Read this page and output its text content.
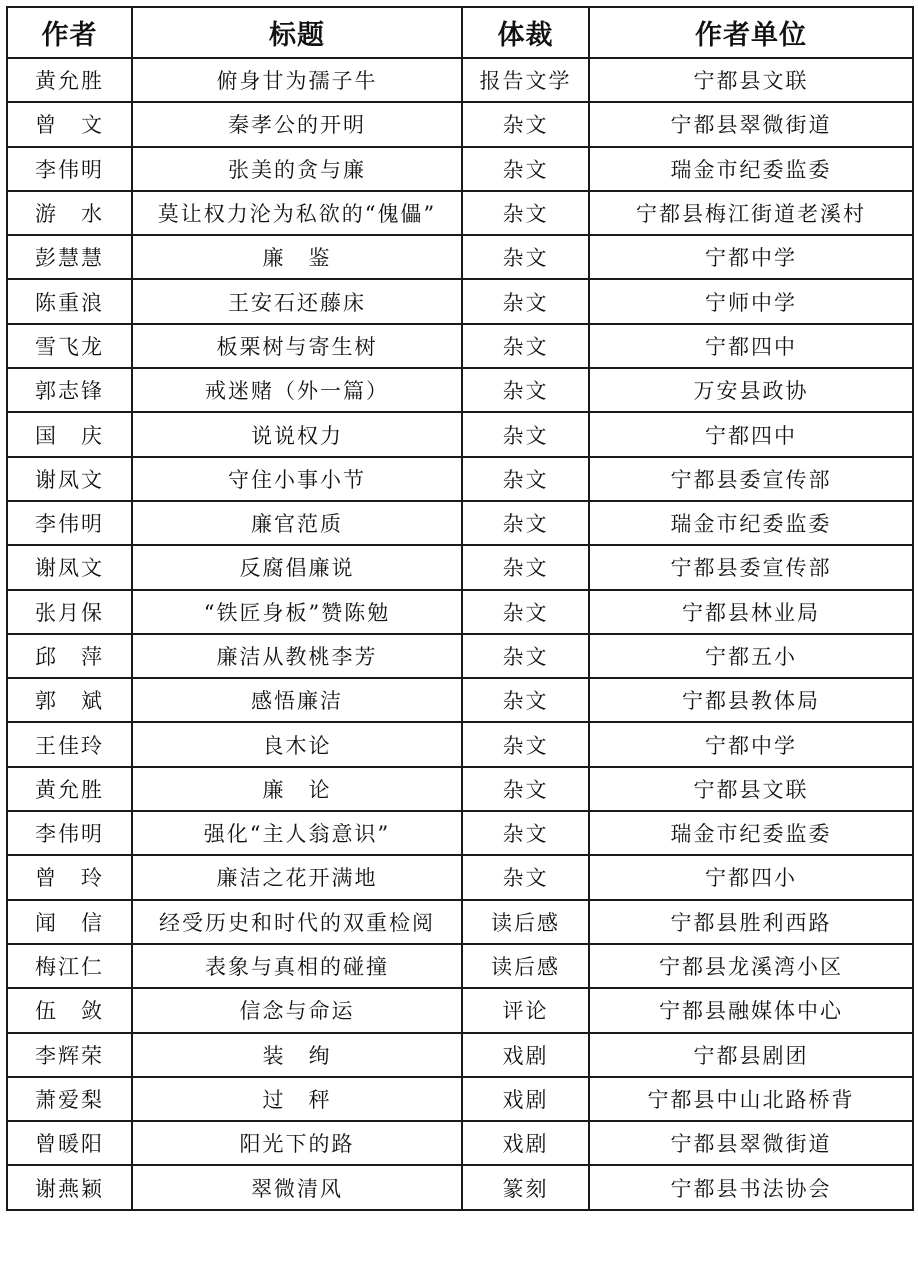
作者	标题	体裁	作者单位
黄允胜	俯身甘为孺子牛	报告文学	宁都县文联
曾　文	秦孝公的开明	杂文	宁都县翠微街道
李伟明	张美的贪与廉	杂文	瑞金市纪委监委
游　水	莫让权力沦为私欲的“傀儡”	杂文	宁都县梅江街道老溪村
彭慧慧	廉　鉴	杂文	宁都中学
陈重浪	王安石还藤床	杂文	宁师中学
雪飞龙	板栗树与寄生树	杂文	宁都四中
郭志锋	戒迷赌（外一篇）	杂文	万安县政协
国　庆	说说权力	杂文	宁都四中
谢凤文	守住小事小节	杂文	宁都县委宣传部
李伟明	廉官范质	杂文	瑞金市纪委监委
谢凤文	反腐倡廉说	杂文	宁都县委宣传部
张月保	“铁匠身板”赞陈勉	杂文	宁都县林业局
邱　萍	廉洁从教桃李芳	杂文	宁都五小
郭　斌	感悟廉洁	杂文	宁都县教体局
王佳玲	良木论	杂文	宁都中学
黄允胜	廉　论	杂文	宁都县文联
李伟明	强化“主人翁意识”	杂文	瑞金市纪委监委
曾　玲	廉洁之花开满地	杂文	宁都四小
闻　信	经受历史和时代的双重检阅	读后感	宁都县胜利西路
梅江仁	表象与真相的碰撞	读后感	宁都县龙溪湾小区
伍　敛	信念与命运	评论	宁都县融媒体中心
李辉荣	装　绚	戏剧	宁都县剧团
萧爱梨	过　秤	戏剧	宁都县中山北路桥背
曾暖阳	阳光下的路	戏剧	宁都县翠微街道
谢燕颖	翠微清风	篆刻	宁都县书法协会
